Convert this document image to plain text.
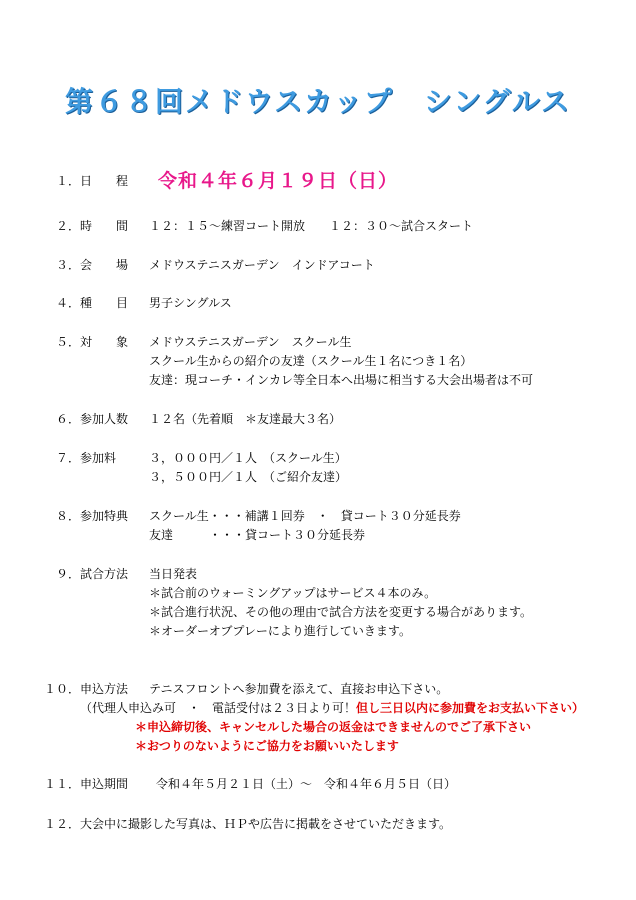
第６８回メドウスカップ　シングルス
１．日　　程 令和４年６月１９日（日）
２．時　　間 １２：１５～練習コート開放　　１２：３０～試合スタート
３．会　　場 メドウステニスガーデン　インドアコート
４．種　　目 男子シングルス
５．対　　象 メドウステニスガーデン　スクール生
スクール生からの紹介の友達（スクール生１名につき１名）
友達：現コーチ・インカレ等全日本へ出場に相当する大会出場者は不可
６．参加人数 １２名（先着順　＊友達最大３名）
７．参加料	３，０００円／１人　（スクール生）
３，５００円／１人　（ご紹介友達）
８．参加特典 スクール生・・・補講１回券　・　貸コート３０分延長券
友達　　　・・・貸コート３０分延長券
９．試合方法 当日発表
＊試合前のウォーミングアップはサービス４本のみ。
＊試合進行状況、その他の理由で試合方法を変更する場合があります。
＊オーダーオブプレーにより進行していきます。
１０．申込方法 テニスフロントへ参加費を添えて、直接お申込下さい。
（代理人申込み可　・　電話受付は２３日より可！但し三日以内に参加費をお支払い下さい）
＊申込締切後、キャンセルした場合の返金はできませんのでご了承下さい
＊おつりのないようにご協力をお願いいたします
１１．申込期間 令和４年５月２１日（土）～　令和４年６月５日（日）
１２．大会中に撮影した写真は、ＨＰや広告に掲載をさせていただきます。
